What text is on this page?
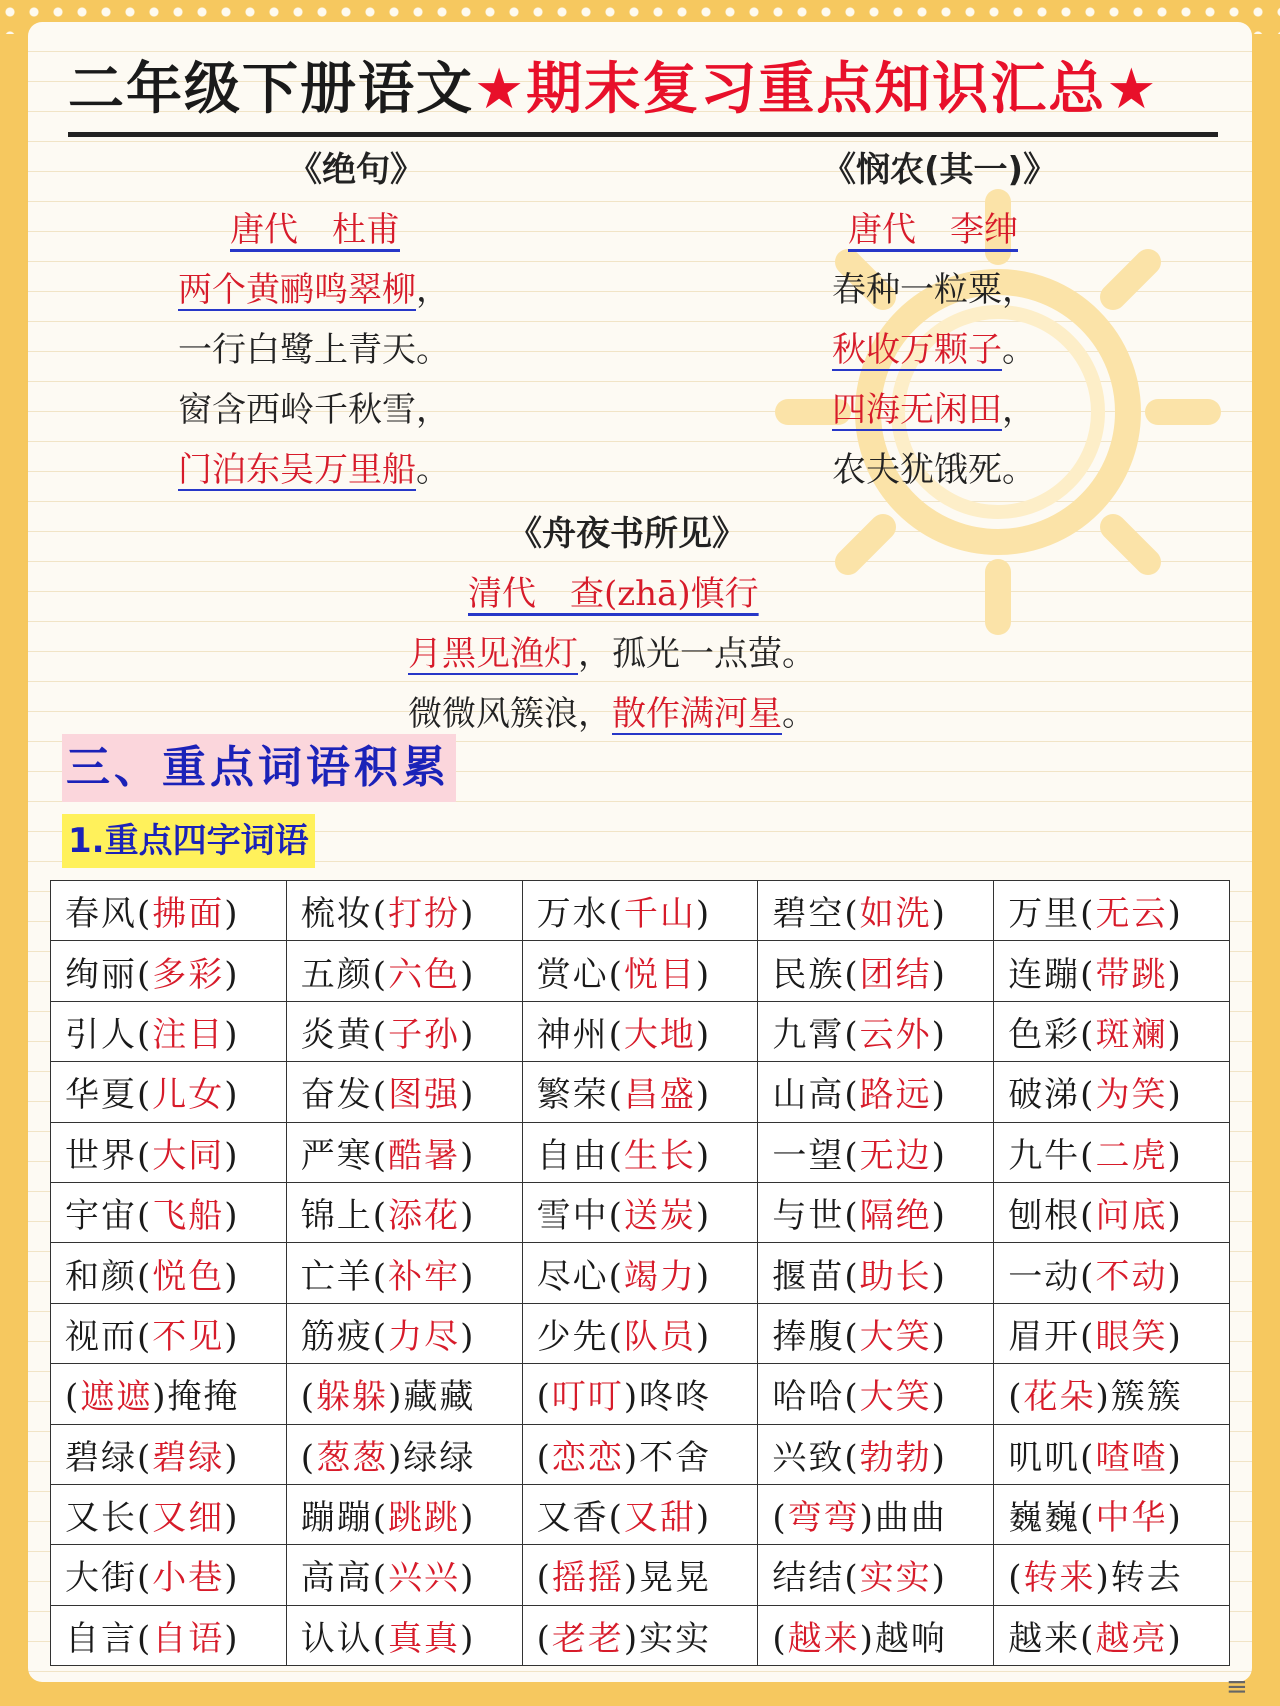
二年级下册语文★期末复习重点知识汇总★
《绝句》
唐代　杜甫
两个黄鹂鸣翠柳，
一行白鹭上青天。
窗含西岭千秋雪，
门泊东吴万里船。
《悯农(其一)》
唐代　李绅
春种一粒粟，
秋收万颗子。
四海无闲田，
农夫犹饿死。
《舟夜书所见》
清代　查(zhā)慎行
月黑见渔灯，孤光一点萤。
微微风簇浪，散作满河星。
三、重点词语积累
1.重点四字词语
春风(拂面)	梳妆(打扮)	万水(千山)	碧空(如洗)	万里(无云)
绚丽(多彩)	五颜(六色)	赏心(悦目)	民族(团结)	连蹦(带跳)
引人(注目)	炎黄(子孙)	神州(大地)	九霄(云外)	色彩(斑斓)
华夏(儿女)	奋发(图强)	繁荣(昌盛)	山高(路远)	破涕(为笑)
世界(大同)	严寒(酷暑)	自由(生长)	一望(无边)	九牛(二虎)
宇宙(飞船)	锦上(添花)	雪中(送炭)	与世(隔绝)	刨根(问底)
和颜(悦色)	亡羊(补牢)	尽心(竭力)	揠苗(助长)	一动(不动)
视而(不见)	筋疲(力尽)	少先(队员)	捧腹(大笑)	眉开(眼笑)
(遮遮)掩掩	(躲躲)藏藏	(叮叮)咚咚	哈哈(大笑)	(花朵)簇簇
碧绿(碧绿)	(葱葱)绿绿	(恋恋)不舍	兴致(勃勃)	叽叽(喳喳)
又长(又细)	蹦蹦(跳跳)	又香(又甜)	(弯弯)曲曲	巍巍(中华)
大街(小巷)	高高(兴兴)	(摇摇)晃晃	结结(实实)	(转来)转去
自言(自语)	认认(真真)	(老老)实实	(越来)越响	越来(越亮)
≡
